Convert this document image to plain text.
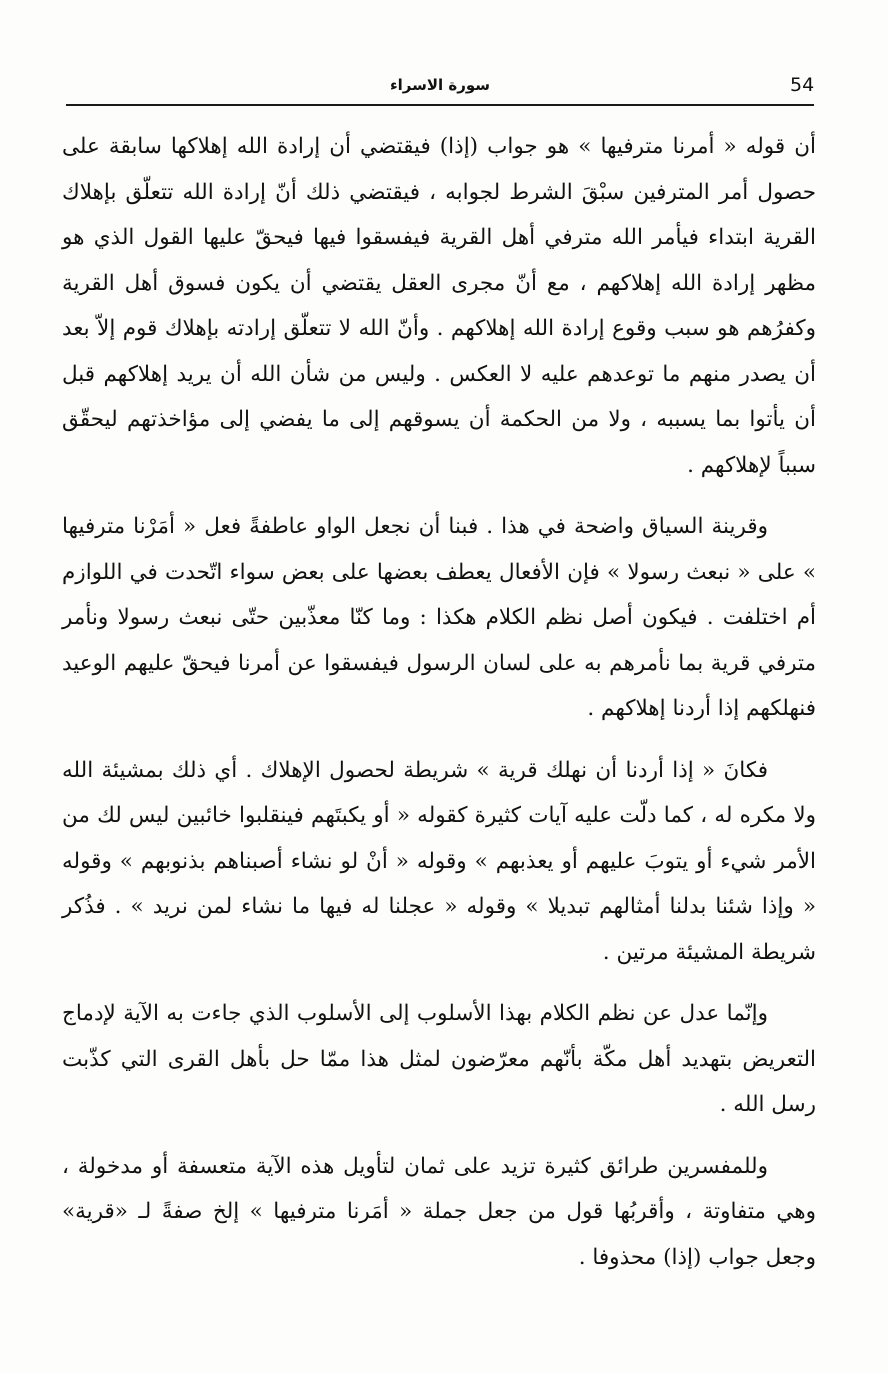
54
سورة الاسراء

أن قوله « أمرنا مترفيها » هو جواب (إذا) فيقتضي أن إرادة الله إهلاكها سابقة على حصول أمر المترفين سبْقَ الشرط لجوابه ، فيقتضي ذلك أنّ إرادة الله تتعلّق بإهلاك القرية ابتداء فيأمر الله مترفي أهل القرية فيفسقوا فيها فيحقّ عليها القول الذي هو مظهر إرادة الله إهلاكهم ، مع أنّ مجرى العقل يقتضي أن يكون فسوق أهل القرية وكفرُهم هو سبب وقوع إرادة الله إهلاكهم . وأنّ الله لا تتعلّق إرادته بإهلاك قوم إلاّ بعد أن يصدر منهم ما توعدهم عليه لا العكس . وليس من شأن الله أن يريد إهلاكهم قبل أن يأتوا بما يسببه ، ولا من الحكمة أن يسوقهم إلى ما يفضي إلى مؤاخذتهم ليحقّق سبباً لإهلاكهم .

وقرينة السياق واضحة في هذا . فبنا أن نجعل الواو عاطفةً فعل « أمَرْنا مترفيها » على « نبعث رسولا » فإن الأفعال يعطف بعضها على بعض سواء اتّحدت في اللوازم أم اختلفت . فيكون أصل نظم الكلام هكذا : وما كنّا معذّبين حتّى نبعث رسولا ونأمر مترفي قرية بما نأمرهم به على لسان الرسول فيفسقوا عن أمرنا فيحقّ عليهم الوعيد فنهلكهم إذا أردنا إهلاكهم .

فكانَ « إذا أردنا أن نهلك قرية » شريطة لحصول الإهلاك . أي ذلك بمشيئة الله ولا مكره له ، كما دلّت عليه آيات كثيرة كقوله « أو يكبتَهم فينقلبوا خائبين ليس لك من الأمر شيء أو يتوبَ عليهم أو يعذبهم » وقوله « أنْ لو نشاء أصبناهم بذنوبهم » وقوله « وإذا شئنا بدلنا أمثالهم تبديلا » وقوله « عجلنا له فيها ما نشاء لمن نريد » . فذُكر شريطة المشيئة مرتين .

وإنّما عدل عن نظم الكلام بهذا الأسلوب إلى الأسلوب الذي جاءت به الآية لإدماج التعريض بتهديد أهل مكّة بأنّهم معرّضون لمثل هذا ممّا حل بأهل القرى التي كذّبت رسل الله .

وللمفسرين طرائق كثيرة تزيد على ثمان لتأويل هذه الآية متعسفة أو مدخولة ، وهي متفاوتة ، وأقربُها قول من جعل جملة « أمَرنا مترفيها » إلخ صفةً لـ «قرية» وجعل جواب (إذا) محذوفا .
